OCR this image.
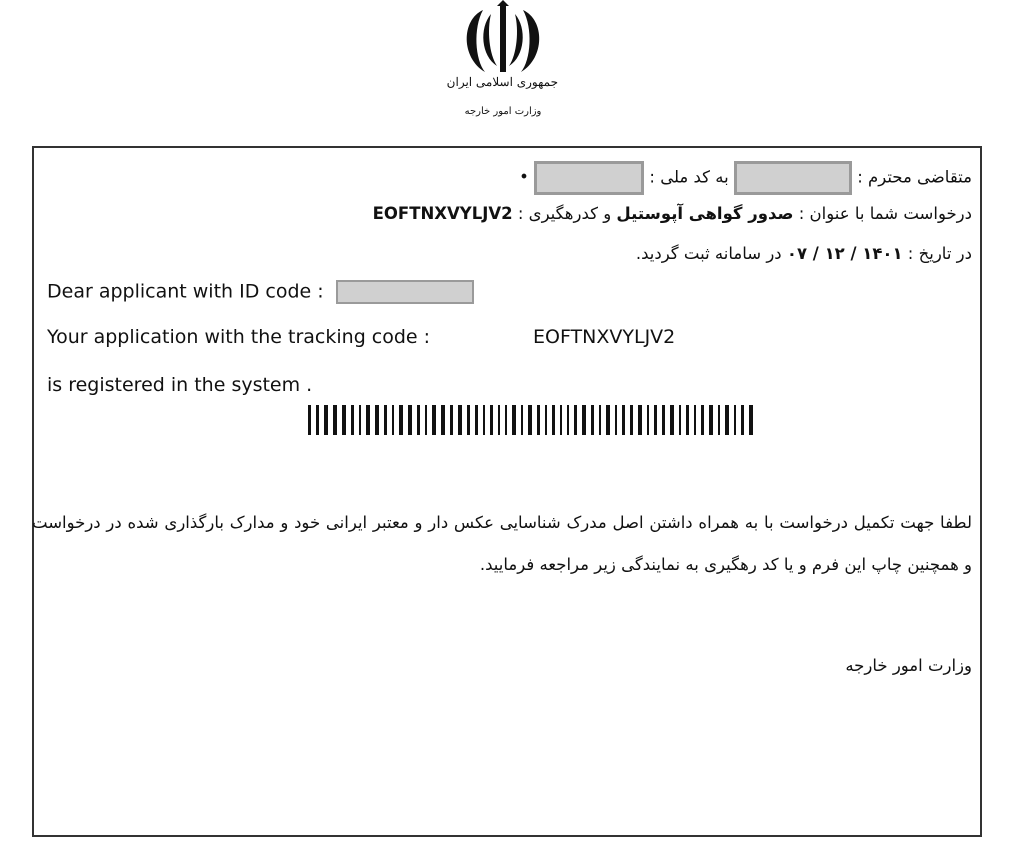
جمهوری اسلامی ایران
وزارت امور خارجه
متقاضی محترم :  به کد ملی :  •
درخواست شما با عنوان : صدور گواهی آپوستیل و کدرهگیری : EOFTNXVYLJV2
در تاریخ : ۱۴۰۱ / ۱۲ / ۰۷ در سامانه ثبت گردید.
Dear applicant with ID code :
Your application with the tracking code :	EOFTNXVYLJV2
is registered in the system .
لطفا جهت تکمیل درخواست با به همراه داشتن اصل مدرک شناسایی عکس دار و معتبر ایرانی خود و مدارک بارگذاری شده در درخواست و همچنین چاپ این فرم و یا کد رهگیری به نمایندگی زیر مراجعه فرمایید.
وزارت امور خارجه
